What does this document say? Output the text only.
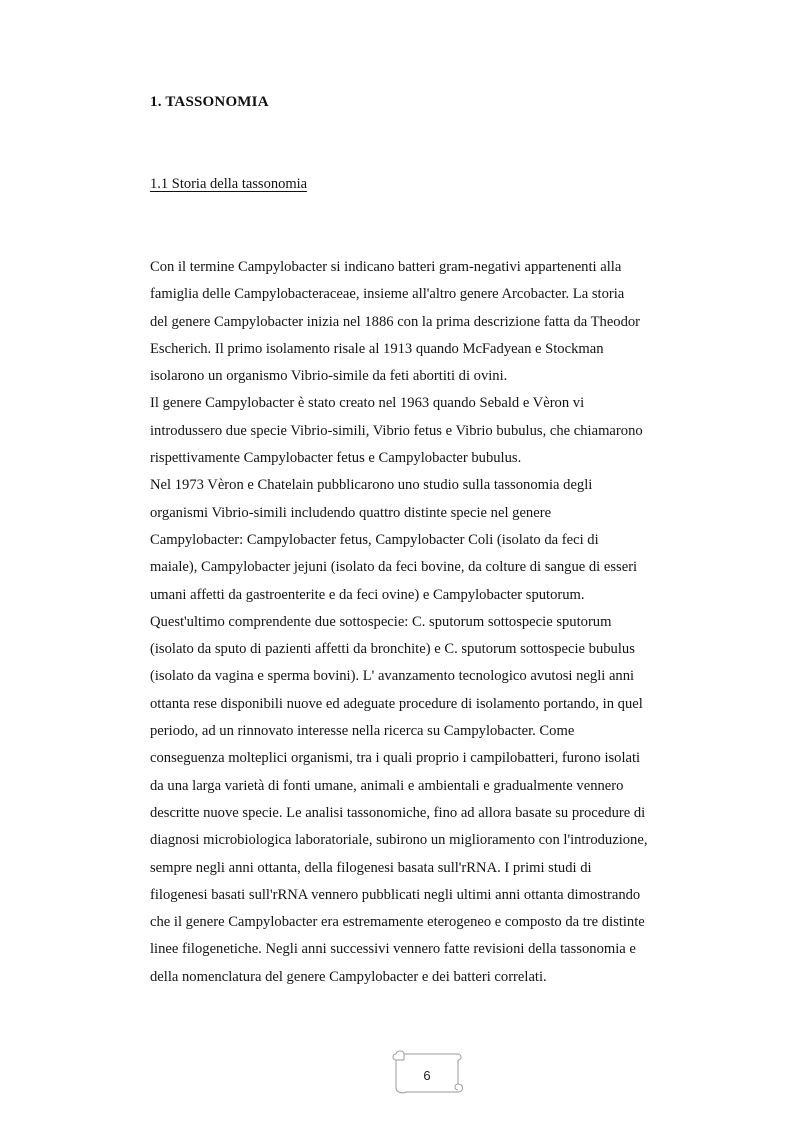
1. TASSONOMIA
1.1 Storia della tassonomia
Con il termine Campylobacter si indicano batteri gram-negativi appartenenti alla
famiglia delle Campylobacteraceae, insieme all'altro genere Arcobacter. La storia
del genere Campylobacter inizia nel 1886 con la prima descrizione fatta da Theodor
Escherich. Il primo isolamento risale al 1913 quando McFadyean e Stockman
isolarono un organismo Vibrio-simile da feti abortiti di ovini.
Il genere Campylobacter è stato creato nel 1963 quando Sebald e Vèron vi
introdussero due specie Vibrio-simili, Vibrio fetus e Vibrio bubulus, che chiamarono
rispettivamente Campylobacter fetus e Campylobacter bubulus.
Nel 1973 Vèron e Chatelain pubblicarono uno studio sulla tassonomia degli
organismi Vibrio-simili includendo quattro distinte specie nel genere
Campylobacter: Campylobacter fetus, Campylobacter Coli (isolato da feci di
maiale), Campylobacter jejuni (isolato da feci bovine, da colture di sangue di esseri
umani affetti da gastroenterite e da feci ovine) e Campylobacter sputorum.
Quest'ultimo comprendente due sottospecie: C. sputorum sottospecie sputorum
(isolato da sputo di pazienti affetti da bronchite) e C. sputorum sottospecie bubulus
(isolato da vagina e sperma bovini). L' avanzamento tecnologico avutosi negli anni
ottanta rese disponibili nuove ed adeguate procedure di isolamento portando, in quel
periodo, ad un rinnovato interesse nella ricerca su Campylobacter. Come
conseguenza molteplici organismi, tra i quali proprio i campilobatteri, furono isolati
da una larga varietà di fonti umane, animali e ambientali e gradualmente vennero
descritte nuove specie. Le analisi tassonomiche, fino ad allora basate su procedure di
diagnosi microbiologica laboratoriale, subirono un miglioramento con l'introduzione,
sempre negli anni ottanta, della filogenesi basata sull'rRNA. I primi studi di
filogenesi basati sull'rRNA vennero pubblicati negli ultimi anni ottanta dimostrando
che il genere Campylobacter era estremamente eterogeneo e composto da tre distinte
linee filogenetiche. Negli anni successivi vennero fatte revisioni della tassonomia e
della nomenclatura del genere Campylobacter e dei batteri correlati.
6
